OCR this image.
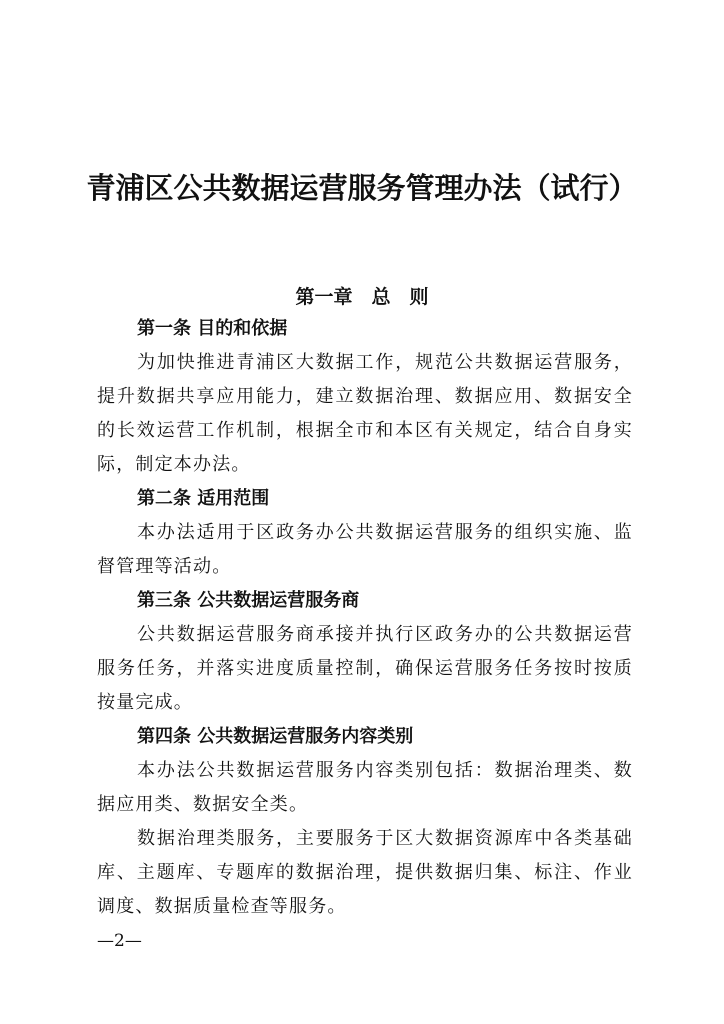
青浦区公共数据运营服务管理办法（试行）
第一章　总　则

第一条 目的和依据

为加快推进青浦区大数据工作，规范公共数据运营服务，提升数据共享应用能力，建立数据治理、数据应用、数据安全的长效运营工作机制，根据全市和本区有关规定，结合自身实际，制定本办法。

第二条 适用范围

本办法适用于区政务办公共数据运营服务的组织实施、监督管理等活动。

第三条 公共数据运营服务商

公共数据运营服务商承接并执行区政务办的公共数据运营服务任务，并落实进度质量控制，确保运营服务任务按时按质按量完成。

第四条 公共数据运营服务内容类别

本办法公共数据运营服务内容类别包括：数据治理类、数据应用类、数据安全类。

数据治理类服务，主要服务于区大数据资源库中各类基础库、主题库、专题库的数据治理，提供数据归集、标注、作业调度、数据质量检查等服务。

—2—
